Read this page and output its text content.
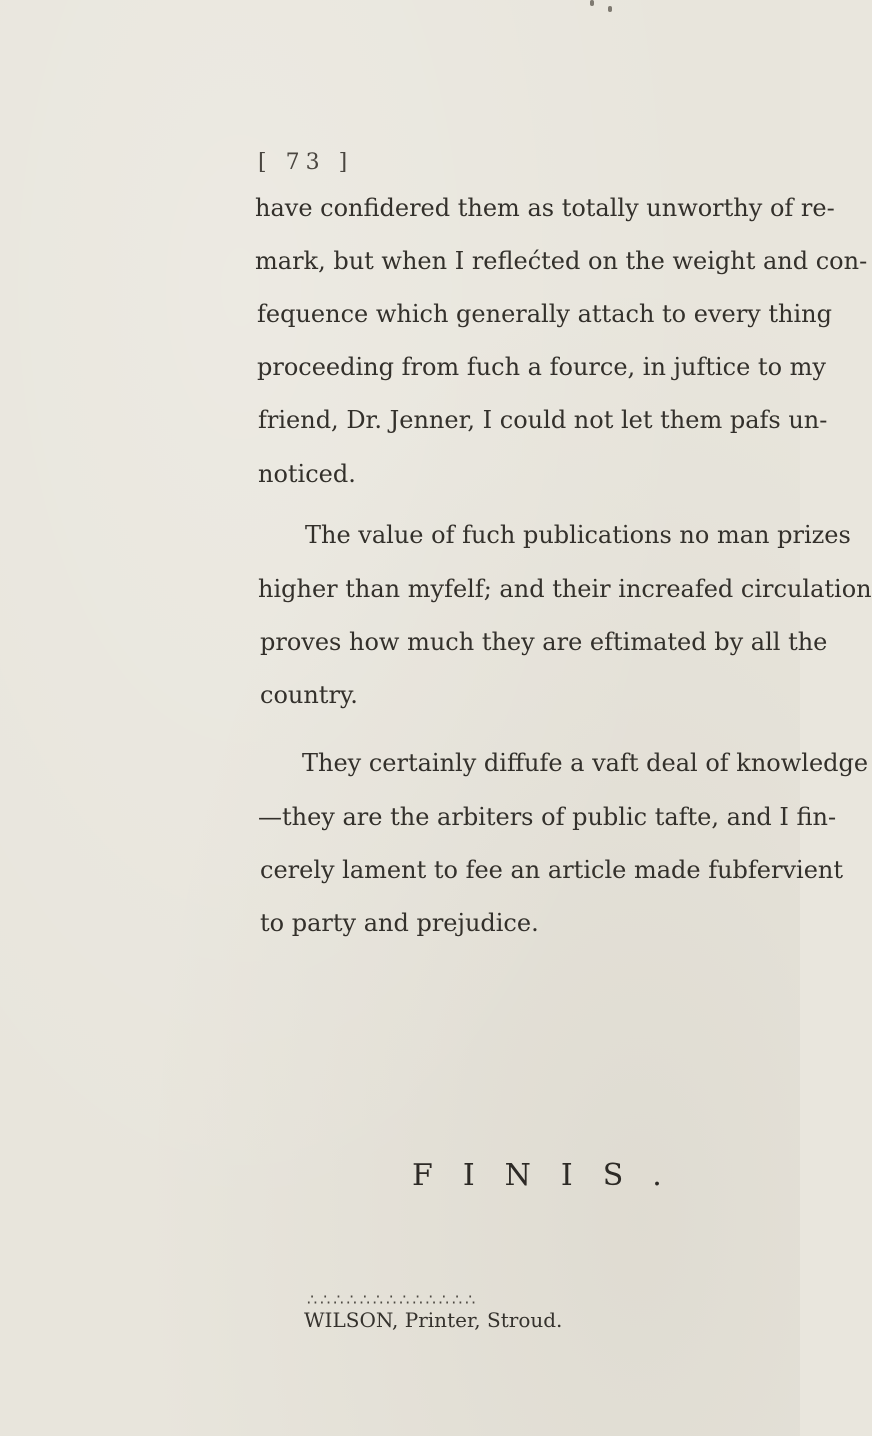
[ 73 ]
have confidered them as totally unworthy of re-
mark, but when I reflećted on the weight and con-
fequence which generally attach to every thing
proceeding from fuch a fource, in juftice to my
friend, Dr. Jenner, I could not let them pafs un-
noticed.
The value of fuch publications no man prizes
higher than myfelf; and their increafed circulation
proves how much they are eftimated by all the
country.
They certainly diffufe a vaft deal of knowledge
—they are the arbiters of public tafte, and I fin-
cerely lament to fee an article made fubfervient
to party and prejudice.
FINIS.
∴∴∴∴∴∴∴∴∴∴∴∴∴
WILSON, Printer, Stroud.
